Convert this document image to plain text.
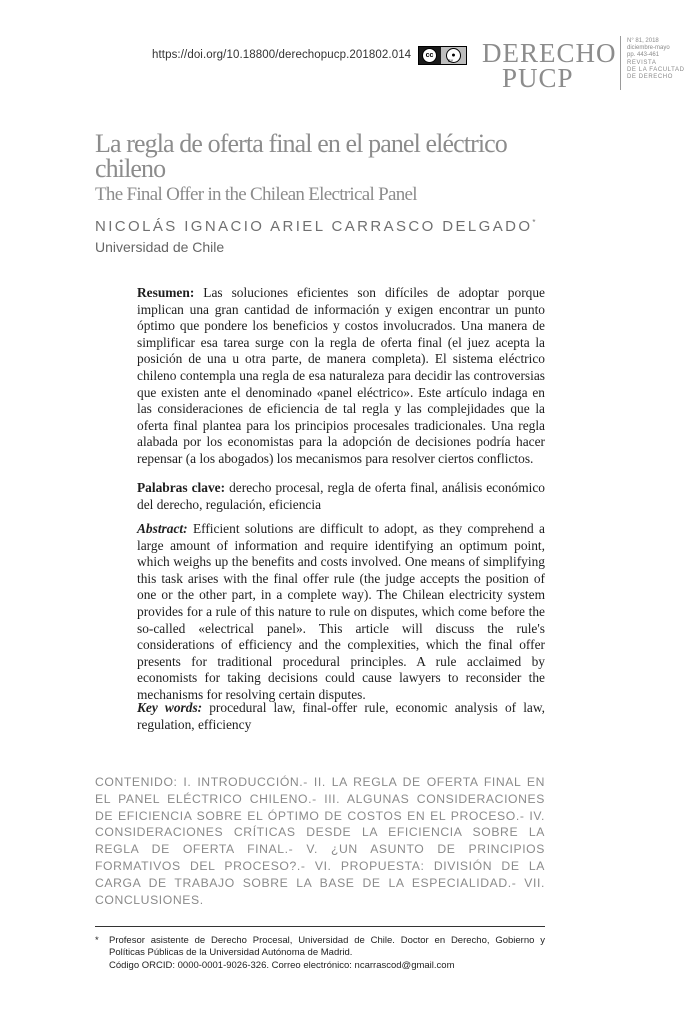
https://doi.org/10.18800/derechopucp.201802.014	cc	●
BY DERECHO
PUCP
N° 81, 2018
diciembre-mayo
pp. 443-461
REVISTA
DE LA FACULTAD
DE DERECHO
La regla de oferta final en el panel eléctrico chileno
The Final Offer in the Chilean Electrical Panel
NICOLÁS IGNACIO ARIEL CARRASCO DELGADO*
Universidad de Chile

Resumen: Las soluciones eficientes son difíciles de adoptar porque implican una gran cantidad de información y exigen encontrar un punto óptimo que pondere los beneficios y costos involucrados. Una manera de simplificar esa tarea surge con la regla de oferta final (el juez acepta la posición de una u otra parte, de manera completa). El sistema eléctrico chileno contempla una regla de esa naturaleza para decidir las controversias que existen ante el denominado «panel eléctrico». Este artículo indaga en las consideraciones de eficiencia de tal regla y las complejidades que la oferta final plantea para los principios procesales tradicionales. Una regla alabada por los economistas para la adopción de decisiones podría hacer repensar (a los abogados) los mecanismos para resolver ciertos conflictos.

Palabras clave: derecho procesal, regla de oferta final, análisis económico del derecho, regulación, eficiencia

Abstract: Efficient solutions are difficult to adopt, as they comprehend a large amount of information and require identifying an optimum point, which weighs up the benefits and costs involved. One means of simplifying this task arises with the final offer rule (the judge accepts the position of one or the other part, in a complete way). The Chilean electricity system provides for a rule of this nature to rule on disputes, which come before the so-called «electrical panel». This article will discuss the rule's considerations of efficiency and the complexities, which the final offer presents for traditional procedural principles. A rule acclaimed by economists for taking decisions could cause lawyers to reconsider the mechanisms for resolving certain disputes.

Key words: procedural law, final-offer rule, economic analysis of law, regulation, efficiency

CONTENIDO: I. INTRODUCCIÓN.- II. LA REGLA DE OFERTA FINAL EN EL PANEL ELÉCTRICO CHILENO.- III. ALGUNAS CONSIDERACIONES DE EFICIENCIA SOBRE EL ÓPTIMO DE COSTOS EN EL PROCESO.- IV. CONSIDERACIONES CRÍTICAS DESDE LA EFICIENCIA SOBRE LA REGLA DE OFERTA FINAL.- V. ¿UN ASUNTO DE PRINCIPIOS FORMATIVOS DEL PROCESO?.- VI. PROPUESTA: DIVISIÓN DE LA CARGA DE TRABAJO SOBRE LA BASE DE LA ESPECIALIDAD.- VII. CONCLUSIONES.

* Profesor asistente de Derecho Procesal, Universidad de Chile. Doctor en Derecho, Gobierno y Políticas Públicas de la Universidad Autónoma de Madrid.
Código ORCID: 0000-0001-9026-326. Correo electrónico: ncarrascod@gmail.com
